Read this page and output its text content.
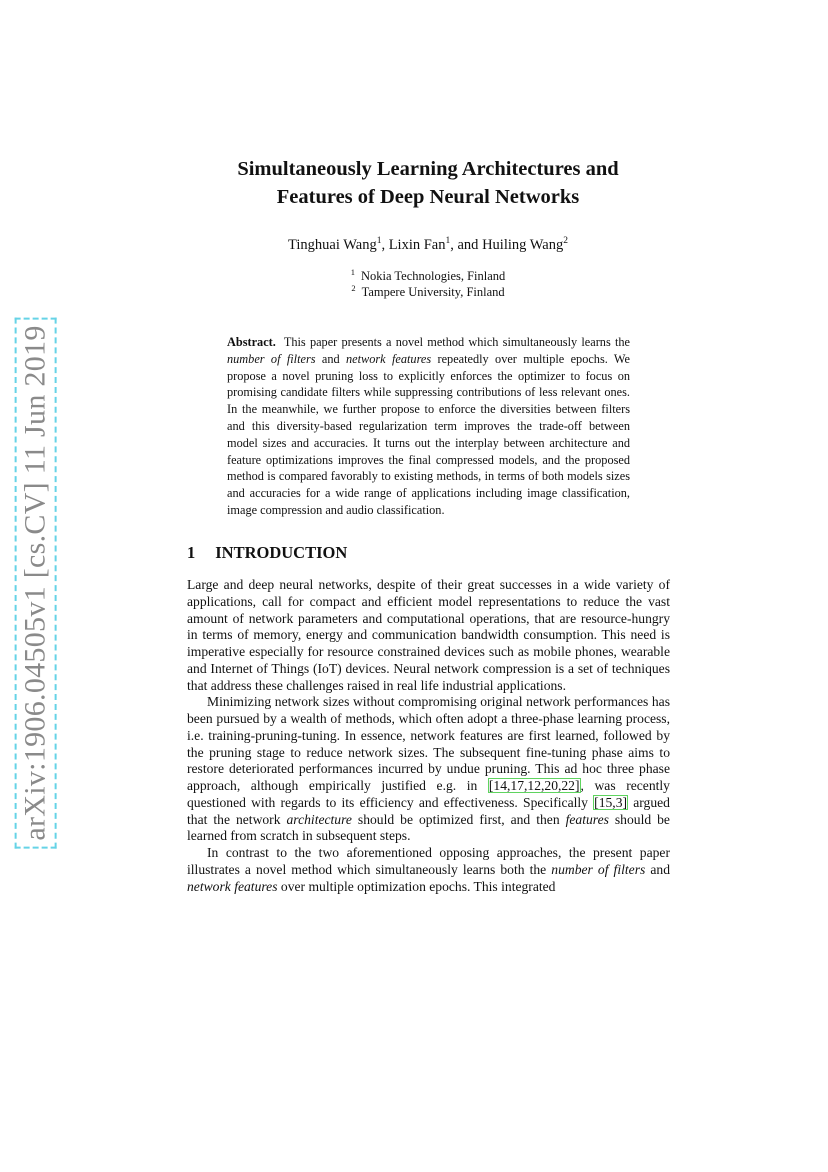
arXiv:1906.04505v1 [cs.CV] 11 Jun 2019
Simultaneously Learning Architectures and
Features of Deep Neural Networks
Tinghuai Wang$^1$, Lixin Fan$^1$, and Huiling Wang$^2$
$^1$ Nokia Technologies, Finland
$^2$ Tampere University, Finland
Abstract. This paper presents a novel method which simultaneously learns the number of filters and network features repeatedly over multiple epochs. We propose a novel pruning loss to explicitly enforces the optimizer to focus on promising candidate filters while suppressing contributions of less relevant ones. In the meanwhile, we further propose to enforce the diversities between filters and this diversity-based regularization term improves the trade-off between model sizes and accuracies. It turns out the interplay between architecture and feature optimizations improves the final compressed models, and the proposed method is compared favorably to existing methods, in terms of both models sizes and accuracies for a wide range of applications including image classification, image compression and audio classification.
1 INTRODUCTION

Large and deep neural networks, despite of their great successes in a wide variety of applications, call for compact and efficient model representations to reduce the vast amount of network parameters and computational operations, that are resource-hungry in terms of memory, energy and communication bandwidth consumption. This need is imperative especially for resource constrained devices such as mobile phones, wearable and Internet of Things (IoT) devices. Neural network compression is a set of techniques that address these challenges raised in real life industrial applications.

Minimizing network sizes without compromising original network performances has been pursued by a wealth of methods, which often adopt a three-phase learning process, i.e. training-pruning-tuning. In essence, network features are first learned, followed by the pruning stage to reduce network sizes. The subsequent fine-tuning phase aims to restore deteriorated performances incurred by undue pruning. This ad hoc three phase approach, although empirically justified e.g. in [14,17,12,20,22], was recently questioned with regards to its efficiency and effectiveness. Specifically [15,3] argued that the network architecture should be optimized first, and then features should be learned from scratch in subsequent steps.

In contrast to the two aforementioned opposing approaches, the present paper illustrates a novel method which simultaneously learns both the number of filters and network features over multiple optimization epochs. This integrated
